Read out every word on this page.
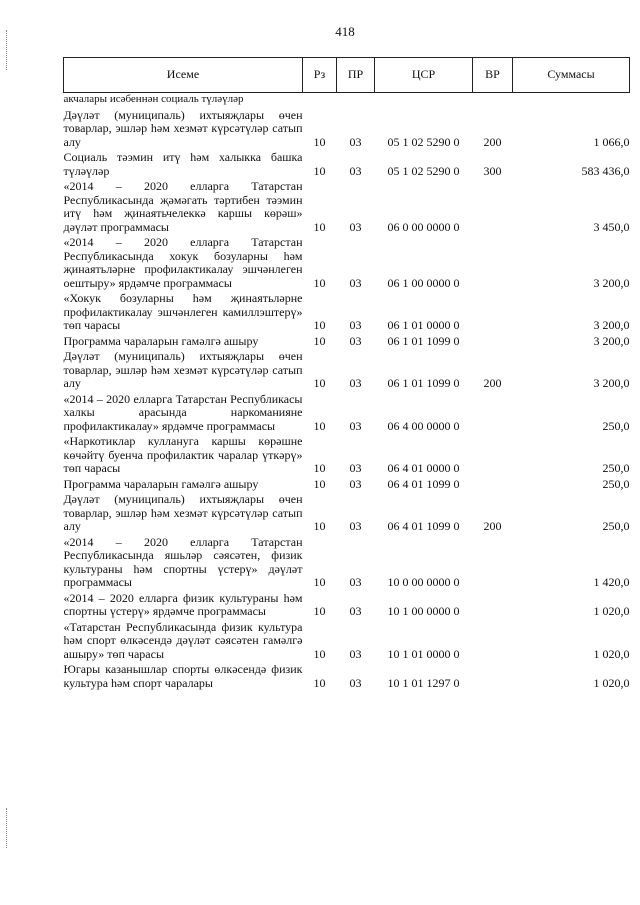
418
Исеме	Рз	ПР	ЦСР	ВР	Суммасы
акчалары исәбеннән социаль түләүләр					
Дәүләт (муниципаль) ихтыяҗлары өчен товарлар, эшләр һәм хезмәт күрсәтүләр сатып алу	10	03	05 1 02 5290 0	200	1 066,0
Социаль тәэмин итү һәм халыкка башка түләүләр	10	03	05 1 02 5290 0	300	583 436,0
«2014 – 2020 елларга Татарстан Республикасында җәмәгать тәртибен тәэмин итү һәм җинаятьчелеккә каршы көрәш» дәүләт программасы	10	03	06 0 00 0000 0		3 450,0
«2014 – 2020 елларга Татарстан Республикасында хокук бозуларны һәм җинаятьләрне профилактикалау эшчәнлеген оештыру» ярдәмче программасы	10	03	06 1 00 0000 0		3 200,0
«Хокук бозуларны һәм җинаятьләрне профилактикалау эшчәнлеген камиллэштерү» төп чарасы	10	03	06 1 01 0000 0		3 200,0
Программа чараларын гамәлгә ашыру	10	03	06 1 01 1099 0		3 200,0
Дәүләт (муниципаль) ихтыяҗлары өчен товарлар, эшләр һәм хезмәт күрсәтүләр сатып алу	10	03	06 1 01 1099 0	200	3 200,0
«2014 – 2020 елларга Татарстан Республикасы халкы арасында наркоманияне профилактикалау» ярдәмче программасы	10	03	06 4 00 0000 0		250,0
«Наркотиклар куллануга каршы көрәшне көчәйтү буенча профилактик чаралар үткәрү» төп чарасы	10	03	06 4 01 0000 0		250,0
Программа чараларын гамәлгә ашыру	10	03	06 4 01 1099 0		250,0
Дәүләт (муниципаль) ихтыяҗлары өчен товарлар, эшләр һәм хезмәт күрсәтүләр сатып алу	10	03	06 4 01 1099 0	200	250,0
«2014 – 2020 елларга Татарстан Республикасында яшьләр сәясәтен, физик культураны һәм спортны үстерү» дәүләт программасы	10	03	10 0 00 0000 0		1 420,0
«2014 – 2020 елларга физик культураны һәм спортны үстерү» ярдәмче программасы	10	03	10 1 00 0000 0		1 020,0
«Татарстан Республикасында физик культура һәм спорт өлкәсендә дәүләт сәясәтен гамәлгә ашыру» төп чарасы	10	03	10 1 01 0000 0		1 020,0
Югары казанышлар спорты өлкәсендә физик культура һәм спорт чаралары	10	03	10 1 01 1297 0		1 020,0
